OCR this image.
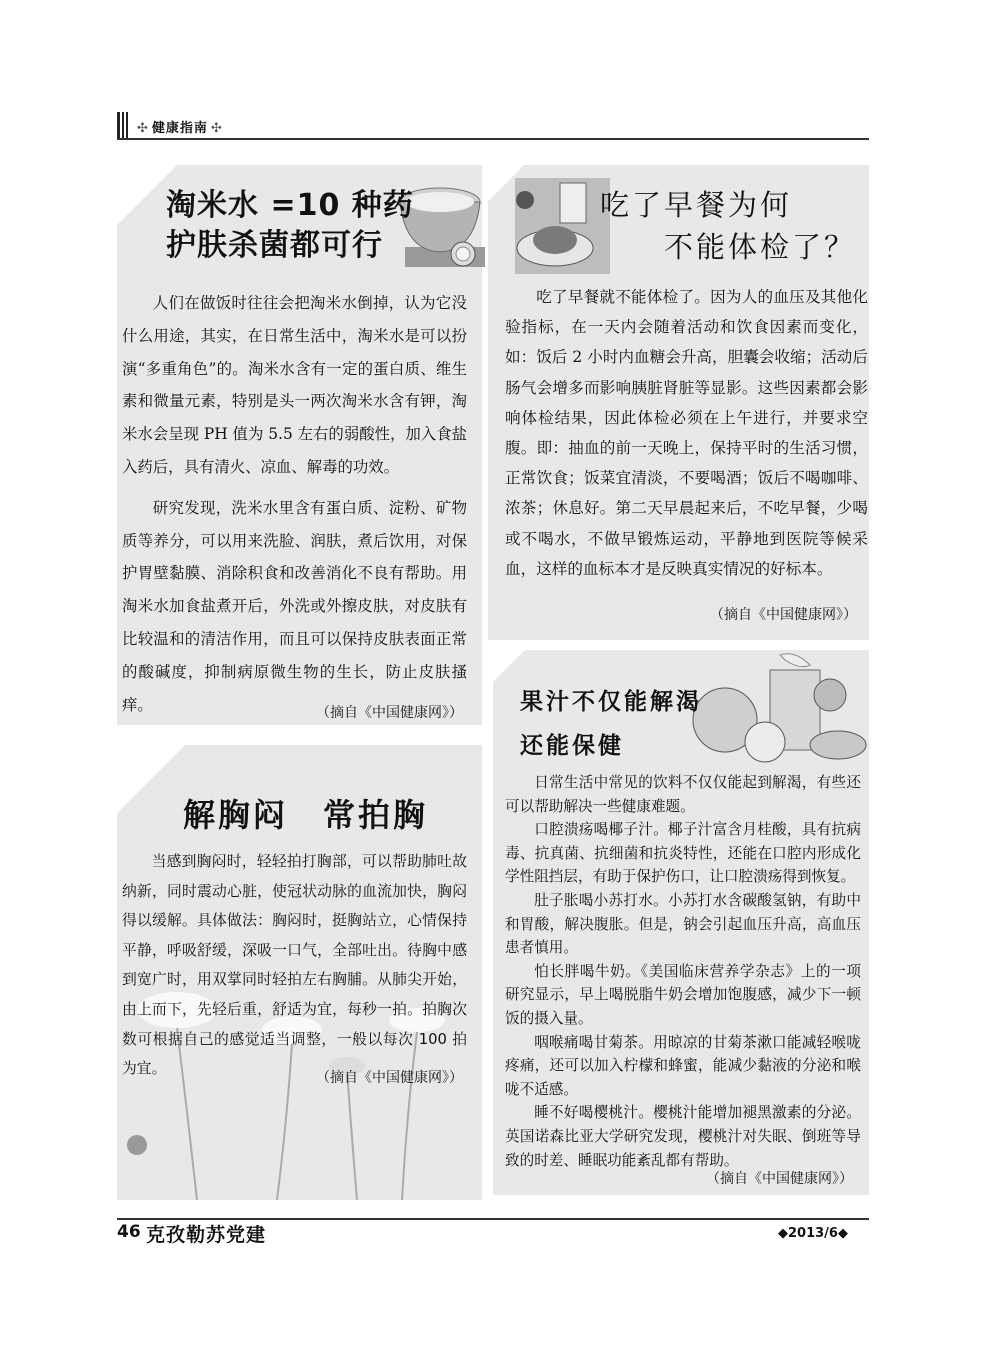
✣ 健康指南 ✣
淘米水 =10 种药
护肤杀菌都可行

人们在做饭时往往会把淘米水倒掉，认为它没什么用途，其实，在日常生活中，淘米水是可以扮演“多重角色”的。淘米水含有一定的蛋白质、维生素和微量元素，特别是头一两次淘米水含有钾，淘米水会呈现 PH 值为 5.5 左右的弱酸性，加入食盐入药后，具有清火、凉血、解毒的功效。

研究发现，洗米水里含有蛋白质、淀粉、矿物质等养分，可以用来洗脸、润肤，煮后饮用，对保护胃壁黏膜、消除积食和改善消化不良有帮助。用淘米水加食盐煮开后，外洗或外擦皮肤，对皮肤有比较温和的清洁作用，而且可以保持皮肤表面正常的酸碱度，抑制病原微生物的生长，防止皮肤搔痒。	（摘自《中国健康网》）
吃了早餐为何
不能体检了？

吃了早餐就不能体检了。因为人的血压及其他化验指标，在一天内会随着活动和饮食因素而变化，如：饭后 2 小时内血糖会升高，胆囊会收缩；活动后肠气会增多而影响胰脏肾脏等显影。这些因素都会影响体检结果，因此体检必须在上午进行，并要求空腹。即：抽血的前一天晚上，保持平时的生活习惯，正常饮食；饭菜宜清淡，不要喝酒；饭后不喝咖啡、浓茶；休息好。第二天早晨起来后，不吃早餐，少喝或不喝水，不做早锻炼运动，平静地到医院等候采血，这样的血标本才是反映真实情况的好标本。

（摘自《中国健康网》）
解胸闷　常拍胸

当感到胸闷时，轻轻拍打胸部，可以帮助肺吐故纳新，同时震动心脏，使冠状动脉的血流加快，胸闷得以缓解。具体做法：胸闷时，挺胸站立，心情保持平静，呼吸舒缓，深吸一口气，全部吐出。待胸中感到宽广时，用双掌同时轻拍左右胸脯。从肺尖开始，由上而下，先轻后重，舒适为宜，每秒一拍。拍胸次数可根据自己的感觉适当调整，一般以每次 100 拍为宜。

（摘自《中国健康网》）
果汁不仅能解渴
还能保健

日常生活中常见的饮料不仅仅能起到解渴，有些还可以帮助解决一些健康难题。

口腔溃疡喝椰子汁。椰子汁富含月桂酸，具有抗病毒、抗真菌、抗细菌和抗炎特性，还能在口腔内形成化学性阻挡层，有助于保护伤口，让口腔溃疡得到恢复。

肚子胀喝小苏打水。小苏打水含碳酸氢钠，有助中和胃酸，解决腹胀。但是，钠会引起血压升高，高血压患者慎用。

怕长胖喝牛奶。《美国临床营养学杂志》上的一项研究显示，早上喝脱脂牛奶会增加饱腹感，减少下一顿饭的摄入量。

咽喉痛喝甘菊茶。用晾凉的甘菊茶漱口能减轻喉咙疼痛，还可以加入柠檬和蜂蜜，能减少黏液的分泌和喉咙不适感。

睡不好喝樱桃汁。樱桃汁能增加褪黑激素的分泌。英国诺森比亚大学研究发现，樱桃汁对失眠、倒班等导致的时差、睡眠功能紊乱都有帮助。

（摘自《中国健康网》）
46 克孜勒苏党建	◆2013/6◆
